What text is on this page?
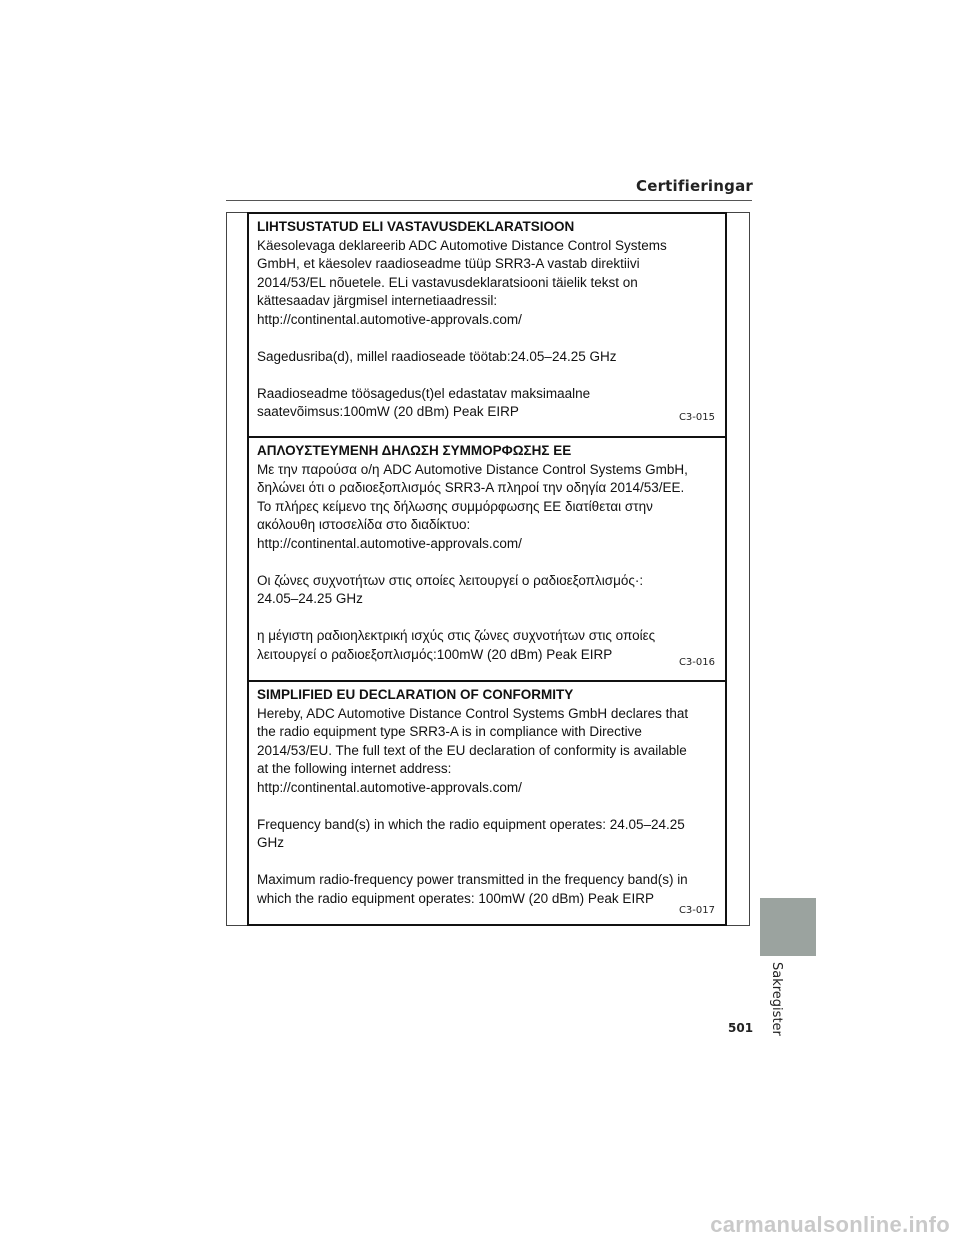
Certifieringar
LIHTSUSTATUD ELI VASTAVUSDEKLARATSIOON

Käesolevaga deklareerib ADC Automotive Distance Control Systems

GmbH, et käesolev raadioseadme tüüp SRR3-A vastab direktiivi

2014/53/EL nõuetele. ELi vastavusdeklaratsiooni täielik tekst on

kättesaadav järgmisel internetiaadressil:

http://continental.automotive-approvals.com/

Sagedusriba(d), millel raadioseade töötab:24.05–24.25 GHz

Raadioseadme töösagedus(t)el edastatav maksimaalne

saatevõimsus:100mW (20 dBm) Peak EIRP	C3-015
ΑΠΛΟΥΣΤΕΥΜΕΝΗ ΔΗΛΩΣΗ ΣΥΜΜΟΡΦΩΣΗΣ ΕΕ

Με την παρούσα ο/η ADC Automotive Distance Control Systems GmbH,

δηλώνει ότι ο ραδιοεξοπλισμός SRR3-A πληροί την οδηγία 2014/53/ΕΕ.

Το πλήρες κείμενο της δήλωσης συμμόρφωσης ΕΕ διατίθεται στην

ακόλουθη ιστοσελίδα στο διαδίκτυο:

http://continental.automotive-approvals.com/

Οι ζώνες συχνοτήτων στις οποίες λειτουργεί ο ραδιοεξοπλισμός·:

24.05–24.25 GHz

η μέγιστη ραδιοηλεκτρική ισχύς στις ζώνες συχνοτήτων στις οποίες

λειτουργεί ο ραδιοεξοπλισμός:100mW (20 dBm) Peak EIRP

C3-016
SIMPLIFIED EU DECLARATION OF CONFORMITY

Hereby, ADC Automotive Distance Control Systems GmbH declares that

the radio equipment type SRR3-A is in compliance with Directive

2014/53/EU. The full text of the EU declaration of conformity is available

at the following internet address:

http://continental.automotive-approvals.com/

Frequency band(s) in which the radio equipment operates: 24.05–24.25

GHz

Maximum radio-frequency power transmitted in the frequency band(s) in

which the radio equipment operates: 100mW (20 dBm) Peak EIRP

C3-017
Sakregister
501
carmanualsonline.info
